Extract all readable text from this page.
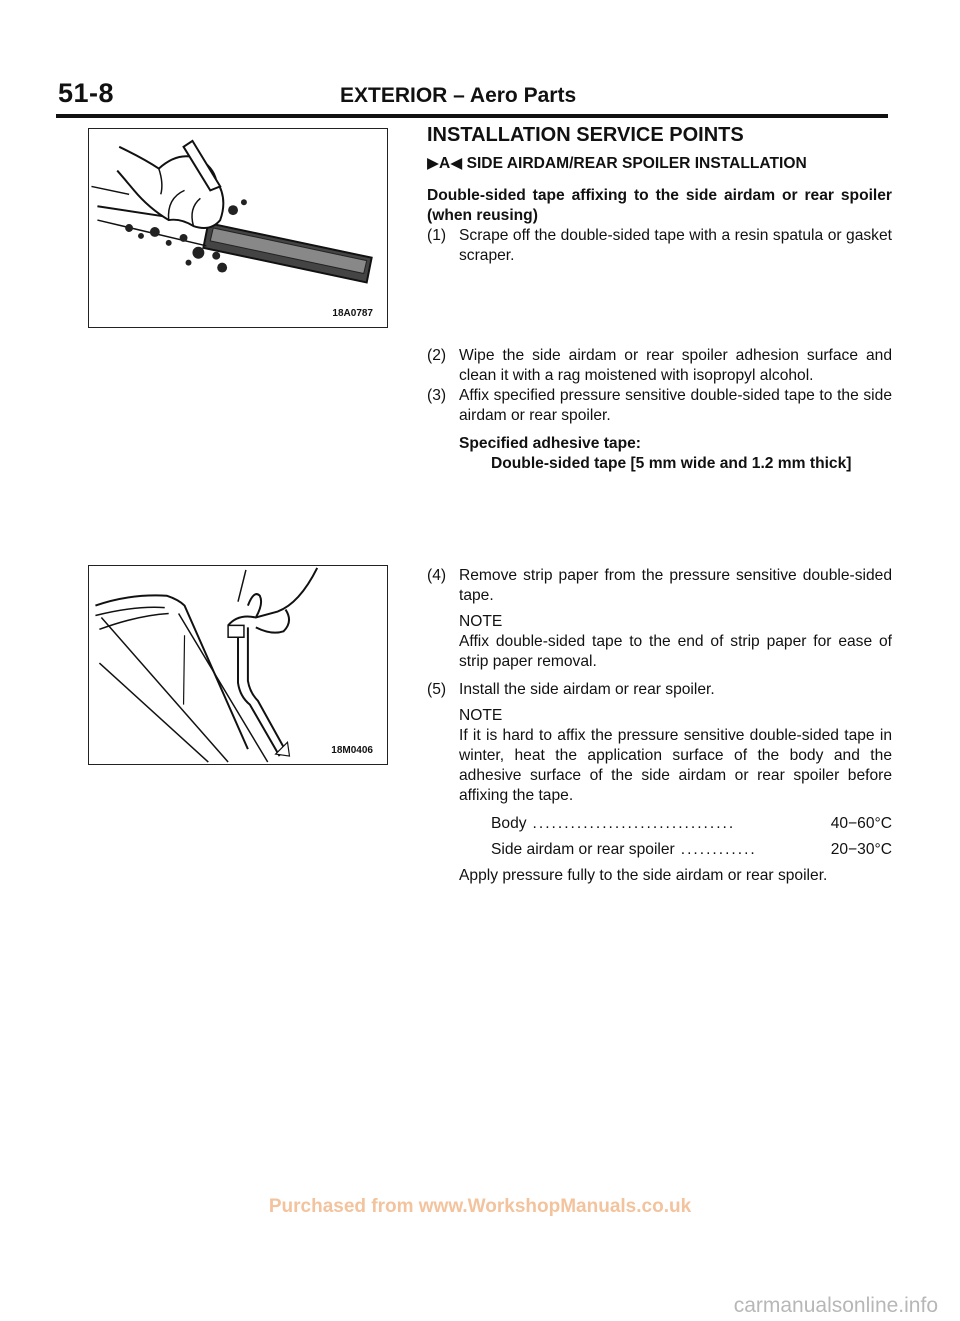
51-8	EXTERIOR – Aero Parts
18A0787
18M0406
INSTALLATION SERVICE POINTS
▶A◀ SIDE AIRDAM/REAR SPOILER INSTALLATION
Double-sided tape affixing to the side airdam or rear spoiler (when reusing)
(1) Scrape off the double-sided tape with a resin spatula or gasket scraper.
(2) Wipe the side airdam or rear spoiler adhesion surface and clean it with a rag moistened with isopropyl alcohol.
(3) Affix specified pressure sensitive double-sided tape to the side airdam or rear spoiler.
Specified adhesive tape:
Double-sided tape [5 mm wide and 1.2 mm thick]
(4) Remove strip paper from the pressure sensitive double-sided tape.
NOTE
Affix double-sided tape to the end of strip paper for ease of strip paper removal.
(5) Install the side airdam or rear spoiler.
NOTE
If it is hard to affix the pressure sensitive double-sided tape in winter, heat the application surface of the body and the adhesive surface of the side airdam or rear spoiler before affixing the tape.
Body ................................	40−60°C
Side airdam or rear spoiler ............	20−30°C
Apply pressure fully to the side airdam or rear spoiler.
Purchased from www.WorkshopManuals.co.uk
carmanualsonline.info
